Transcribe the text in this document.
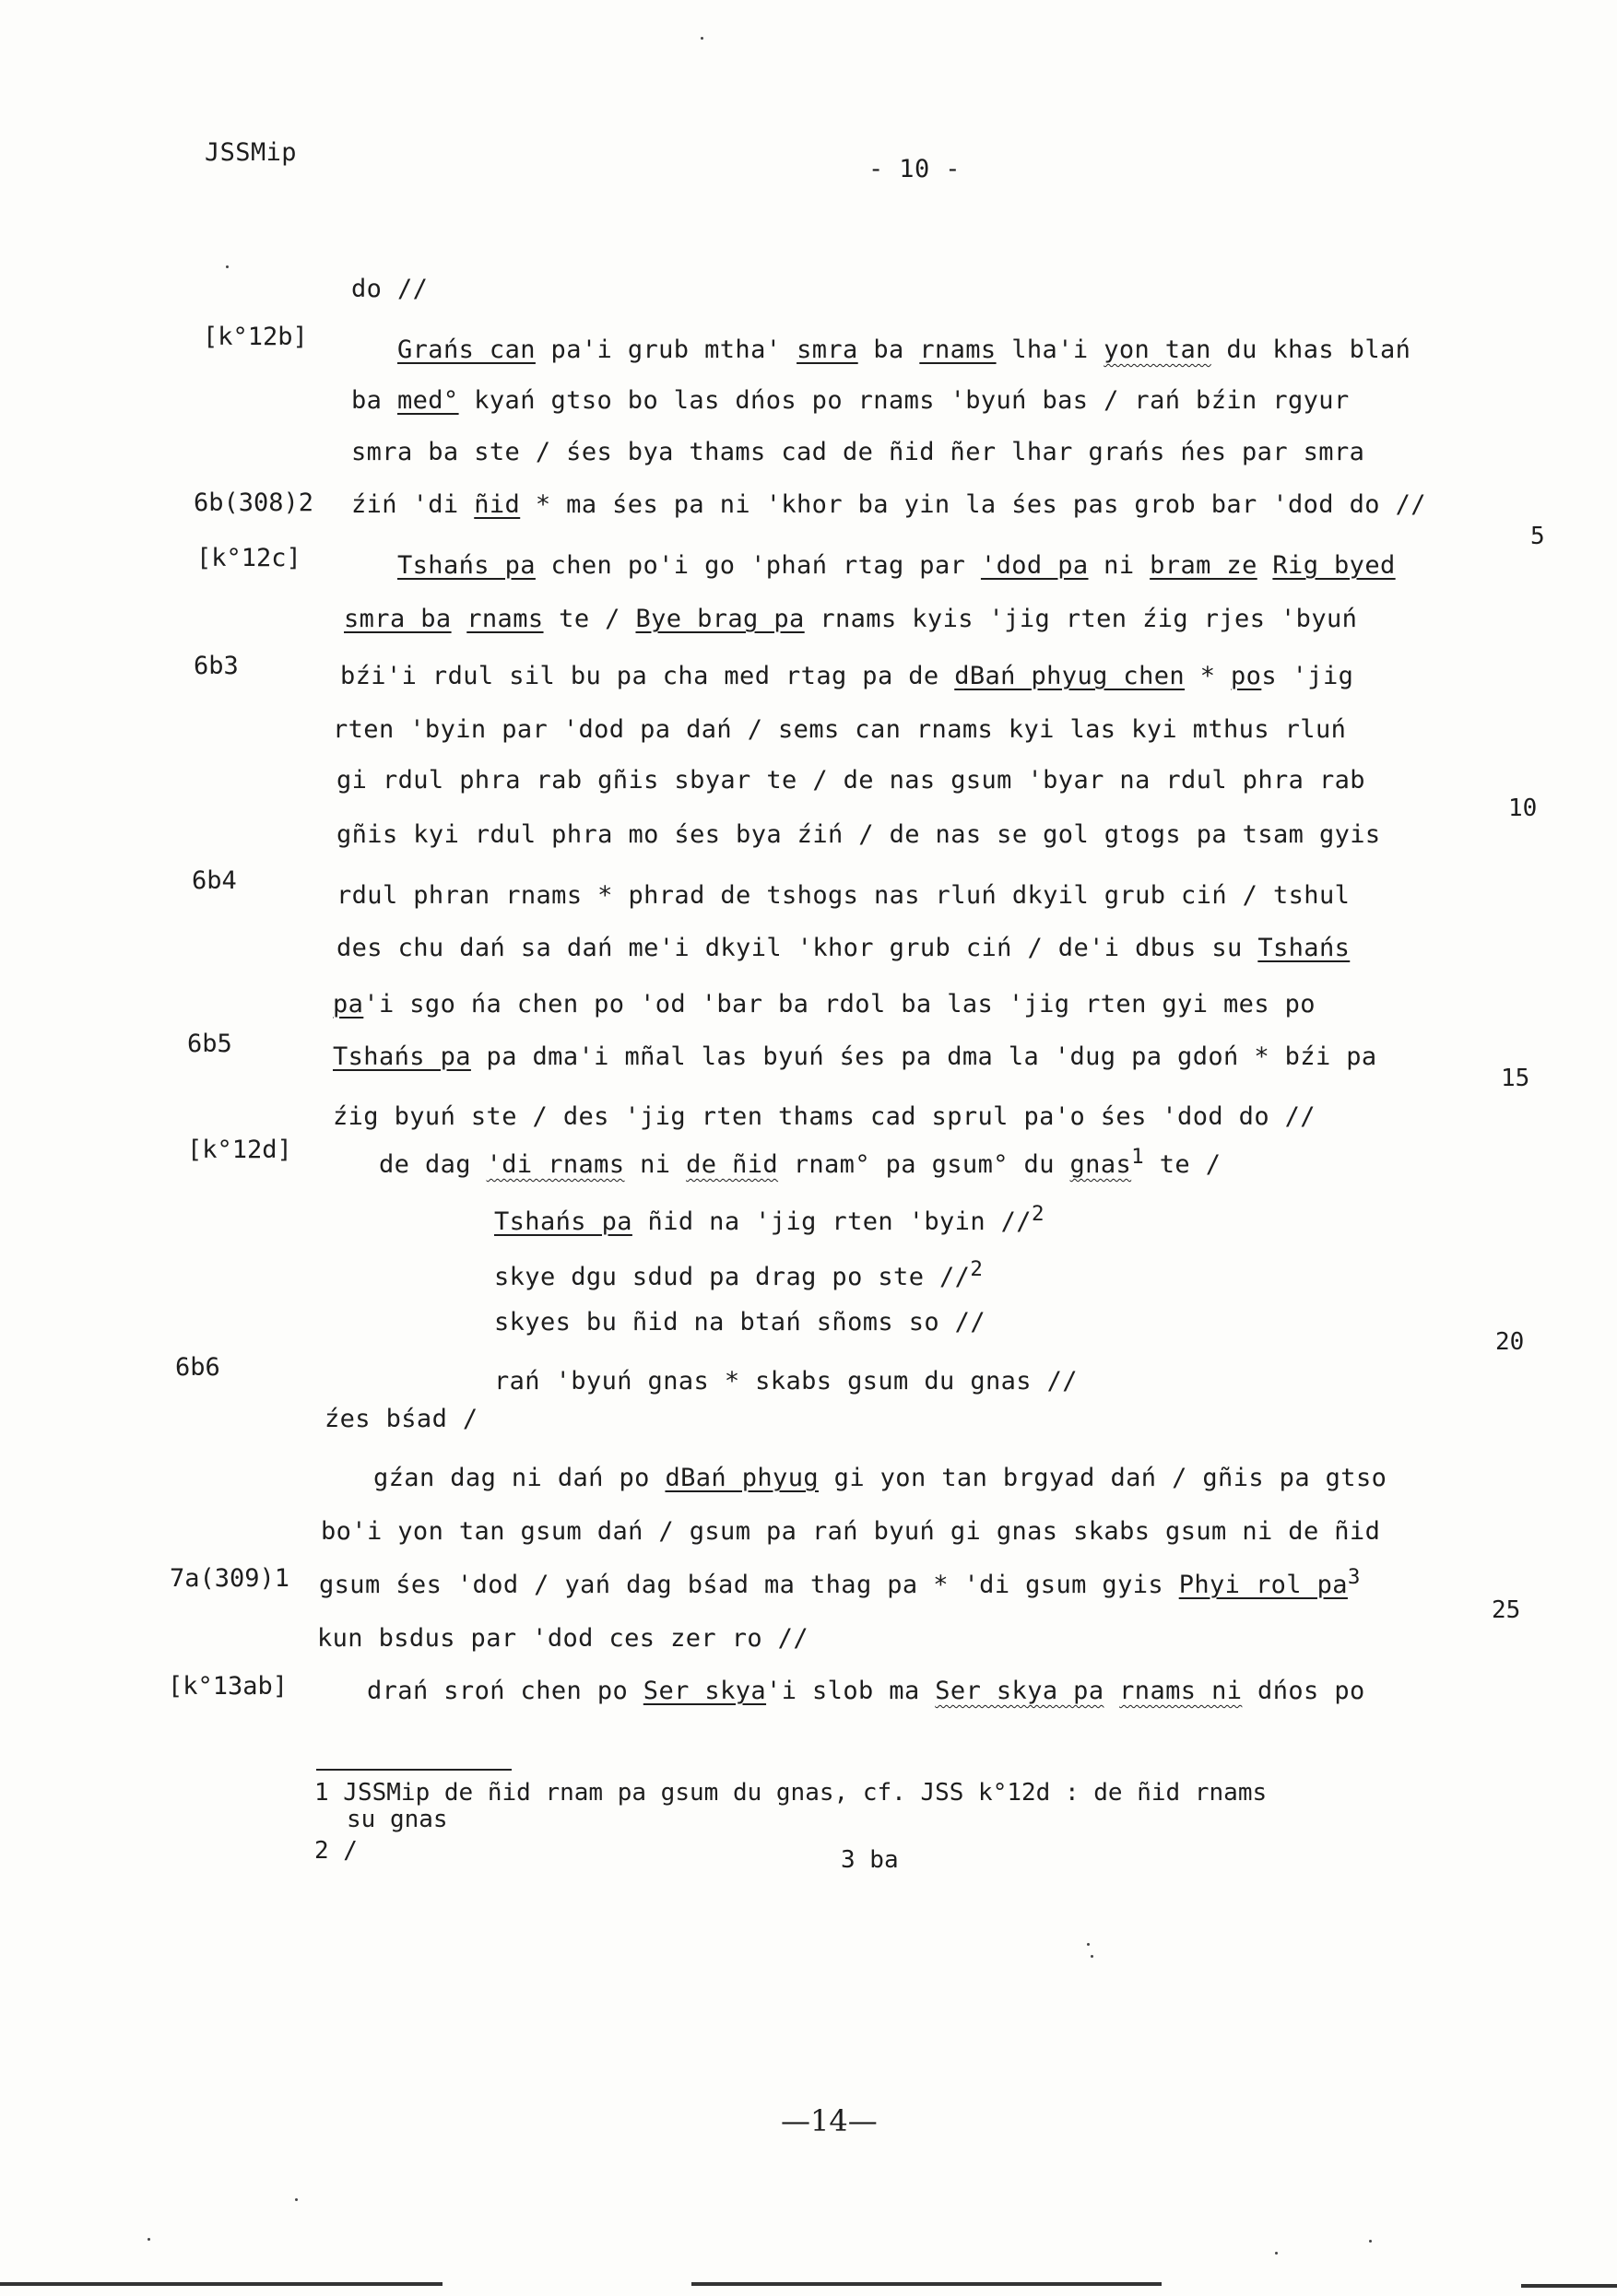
JSSMip
- 10 -
do //
[k°12b]	Grańs can pa'i grub mtha' smra ba rnams lha'i yon tan du khas blań
ba med° kyań gtso bo las dńos po rnams 'byuń bas / rań bźin rgyur
smra ba ste / śes bya thams cad de ñid ñer lhar grańs ńes par smra
6b(308)2 źiń 'di ñid * ma śes pa ni 'khor ba yin la śes pas grob bar 'dod do //
5
[k°12c]	Tshańs pa chen po'i go 'phań rtag par 'dod pa ni bram ze Rig byed
smra ba rnams te / Bye brag pa rnams kyis 'jig rten źig rjes 'byuń
6b3	bźi'i rdul sil bu pa cha med rtag pa de dBań phyug chen * pos 'jig
rten 'byin par 'dod pa dań / sems can rnams kyi las kyi mthus rluń
gi rdul phra rab gñis sbyar te / de nas gsum 'byar na rdul phra rab
10
gñis kyi rdul phra mo śes bya źiń / de nas se gol gtogs pa tsam gyis
6b4
rdul phran rnams * phrad de tshogs nas rluń dkyil grub ciń / tshul
des chu dań sa dań me'i dkyil 'khor grub ciń / de'i dbus su Tshańs
pa'i sgo ńa chen po 'od 'bar ba rdol ba las 'jig rten gyi mes po
6b5	Tshańs pa pa dma'i mñal las byuń śes pa dma la 'dug pa gdoń * bźi pa
15
źig byuń ste / des 'jig rten thams cad sprul pa'o śes 'dod do //
[k°12d]
de dag 'di rnams ni de ñid rnam° pa gsum° du gnas$^1$ te /
Tshańs pa ñid na 'jig rten 'byin //$^2$
skye dgu sdud pa drag po ste //$^2$
skyes bu ñid na btań sñoms so //
20
6b6	rań 'byuń gnas * skabs gsum du gnas //
źes bśad /
gźan dag ni dań po dBań phyug gi yon tan brgyad dań / gñis pa gtso
bo'i yon tan gsum dań / gsum pa rań byuń gi gnas skabs gsum ni de ñid
7a(309)1 gsum śes 'dod / yań dag bśad ma thag pa * 'di gsum gyis Phyi rol $pa^3$
25
kun bsdus par 'dod ces zer ro //
[k°13ab]	drań sroń chen po Ser skya'i slob ma Ser skya pa rnams ni dńos po
1 JSSMip de ñid rnam pa gsum du gnas, cf. JSS k°12d : de ñid rnams
su gnas
2 /	3 ba
—14—
